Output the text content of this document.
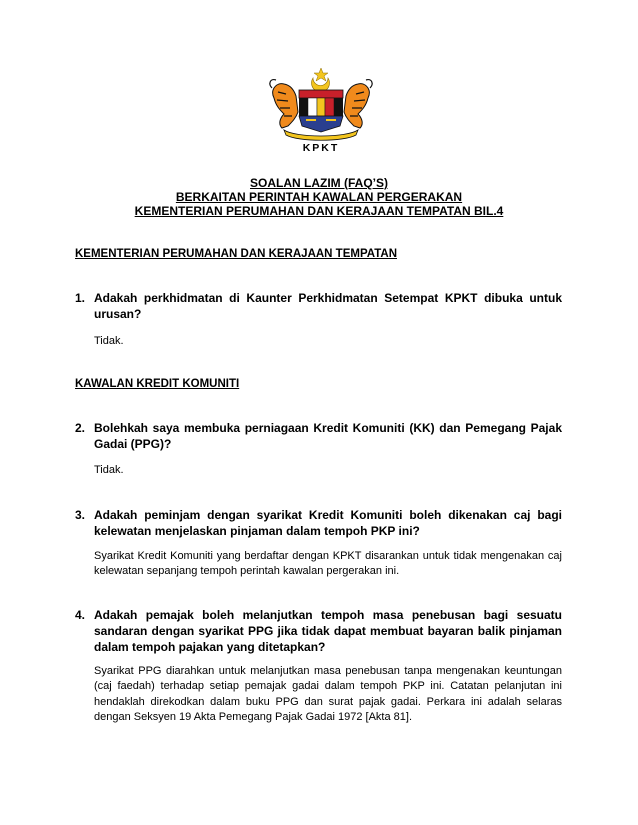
KPKT
SOALAN LAZIM (FAQ’S)
BERKAITAN PERINTAH KAWALAN PERGERAKAN
KEMENTERIAN PERUMAHAN DAN KERAJAAN TEMPATAN BIL.4
KEMENTERIAN PERUMAHAN DAN KERAJAAN TEMPATAN
1. Adakah perkhidmatan di Kaunter Perkhidmatan Setempat KPKT dibuka untuk urusan?
Tidak.
KAWALAN KREDIT KOMUNITI
2. Bolehkah saya membuka perniagaan Kredit Komuniti (KK) dan Pemegang Pajak Gadai (PPG)?
Tidak.
3. Adakah peminjam dengan syarikat Kredit Komuniti boleh dikenakan caj bagi kelewatan menjelaskan pinjaman dalam tempoh PKP ini?
Syarikat Kredit Komuniti yang berdaftar dengan KPKT disarankan untuk tidak mengenakan caj kelewatan sepanjang tempoh perintah kawalan pergerakan ini.
4. Adakah pemajak boleh melanjutkan tempoh masa penebusan bagi sesuatu sandaran dengan syarikat PPG jika tidak dapat membuat bayaran balik pinjaman dalam tempoh pajakan yang ditetapkan?
Syarikat PPG diarahkan untuk melanjutkan masa penebusan tanpa mengenakan keuntungan (caj faedah) terhadap setiap pemajak gadai dalam tempoh PKP ini. Catatan pelanjutan ini hendaklah direkodkan dalam buku PPG dan surat pajak gadai. Perkara ini adalah selaras dengan Seksyen 19 Akta Pemegang Pajak Gadai 1972 [Akta 81].
